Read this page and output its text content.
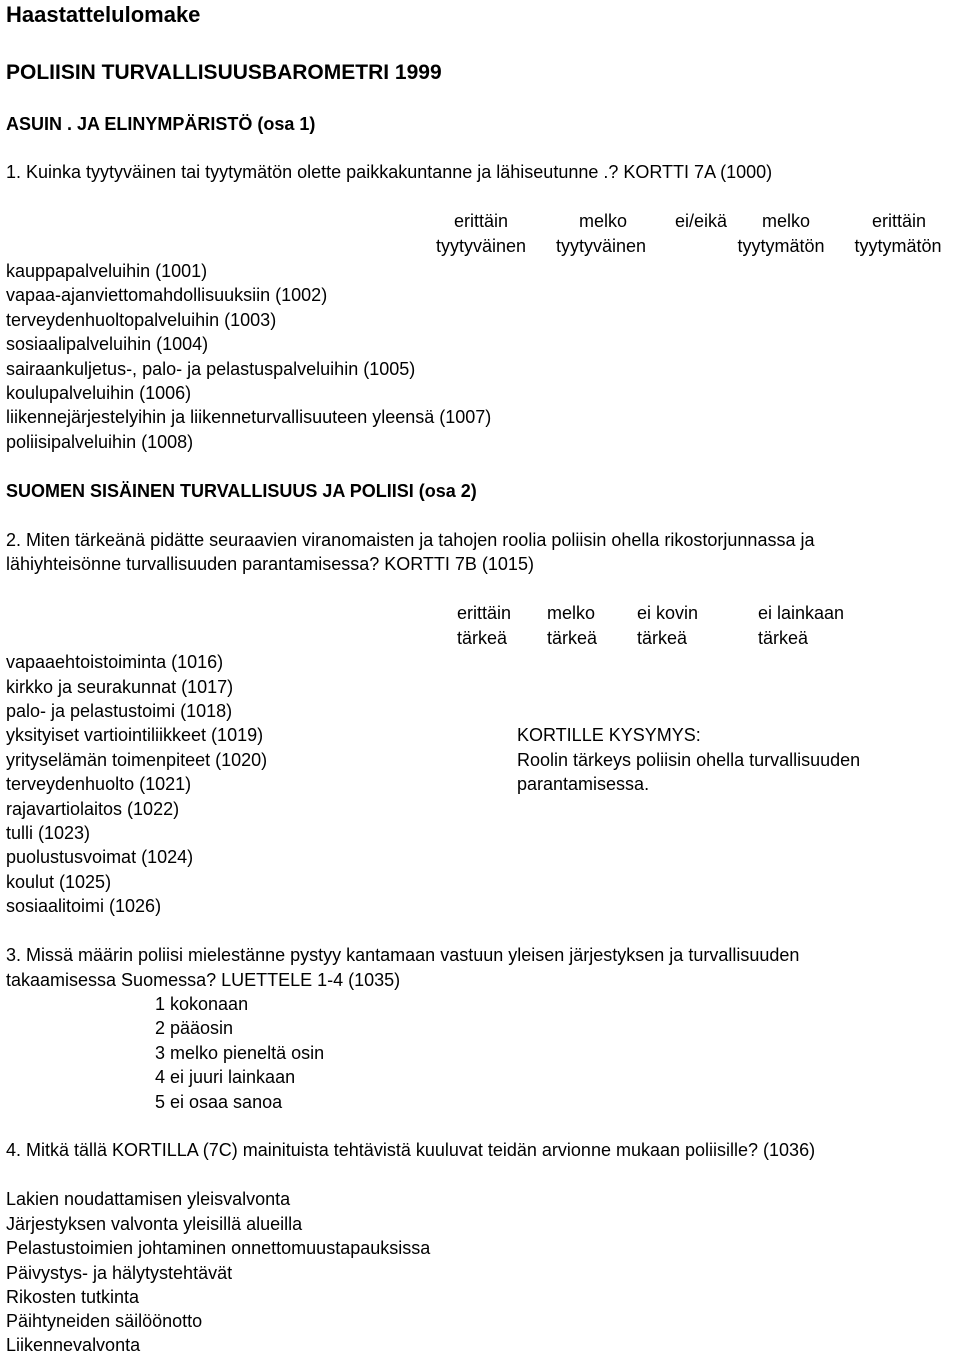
Haastattelulomake
POLIISIN TURVALLISUUSBAROMETRI 1999
ASUIN . JA ELINYMPÄRISTÖ (osa 1)
1. Kuinka tyytyväinen tai tyytymätön olette paikkakuntanne ja lähiseutunne .? KORTTI 7A (1000)
erittäin
tyytyväinen
melko
tyytyväinen
ei/eikä	melko
tyytymätön
erittäin
tyytymätön
kauppapalveluihin (1001)
vapaa-ajanviettomahdollisuuksiin (1002)
terveydenhuoltopalveluihin (1003)
sosiaalipalveluihin (1004)
sairaankuljetus-, palo- ja pelastuspalveluihin (1005)
koulupalveluihin (1006)
liikennejärjestelyihin ja liikenneturvallisuuteen yleensä (1007)
poliisipalveluihin (1008)
SUOMEN SISÄINEN TURVALLISUUS JA POLIISI (osa 2)
2. Miten tärkeänä pidätte seuraavien viranomaisten ja tahojen roolia poliisin ohella rikostorjunnassa ja
lähiyhteisönne turvallisuuden parantamisessa? KORTTI 7B (1015)
erittäin
tärkeä
melko
tärkeä
ei kovin
tärkeä
ei lainkaan
tärkeä
vapaaehtoistoiminta (1016)
kirkko ja seurakunnat (1017)
palo- ja pelastustoimi (1018)
yksityiset vartiointiliikkeet (1019)
yrityselämän toimenpiteet (1020)
terveydenhuolto (1021)
rajavartiolaitos (1022)
tulli (1023)
puolustusvoimat (1024)
koulut (1025)
sosiaalitoimi (1026)
KORTILLE KYSYMYS:
Roolin tärkeys poliisin ohella turvallisuuden
parantamisessa.
3. Missä määrin poliisi mielestänne pystyy kantamaan vastuun yleisen järjestyksen ja turvallisuuden
takaamisessa Suomessa? LUETTELE 1-4 (1035)
1 kokonaan
2 pääosin
3 melko pieneltä osin
4 ei juuri lainkaan
5 ei osaa sanoa
4. Mitkä tällä KORTILLA (7C) mainituista tehtävistä kuuluvat teidän arvionne mukaan poliisille? (1036)
Lakien noudattamisen yleisvalvonta
Järjestyksen valvonta yleisillä alueilla
Pelastustoimien johtaminen onnettomuustapauksissa
Päivystys- ja hälytystehtävät
Rikosten tutkinta
Päihtyneiden säilöönotto
Liikennevalvonta
